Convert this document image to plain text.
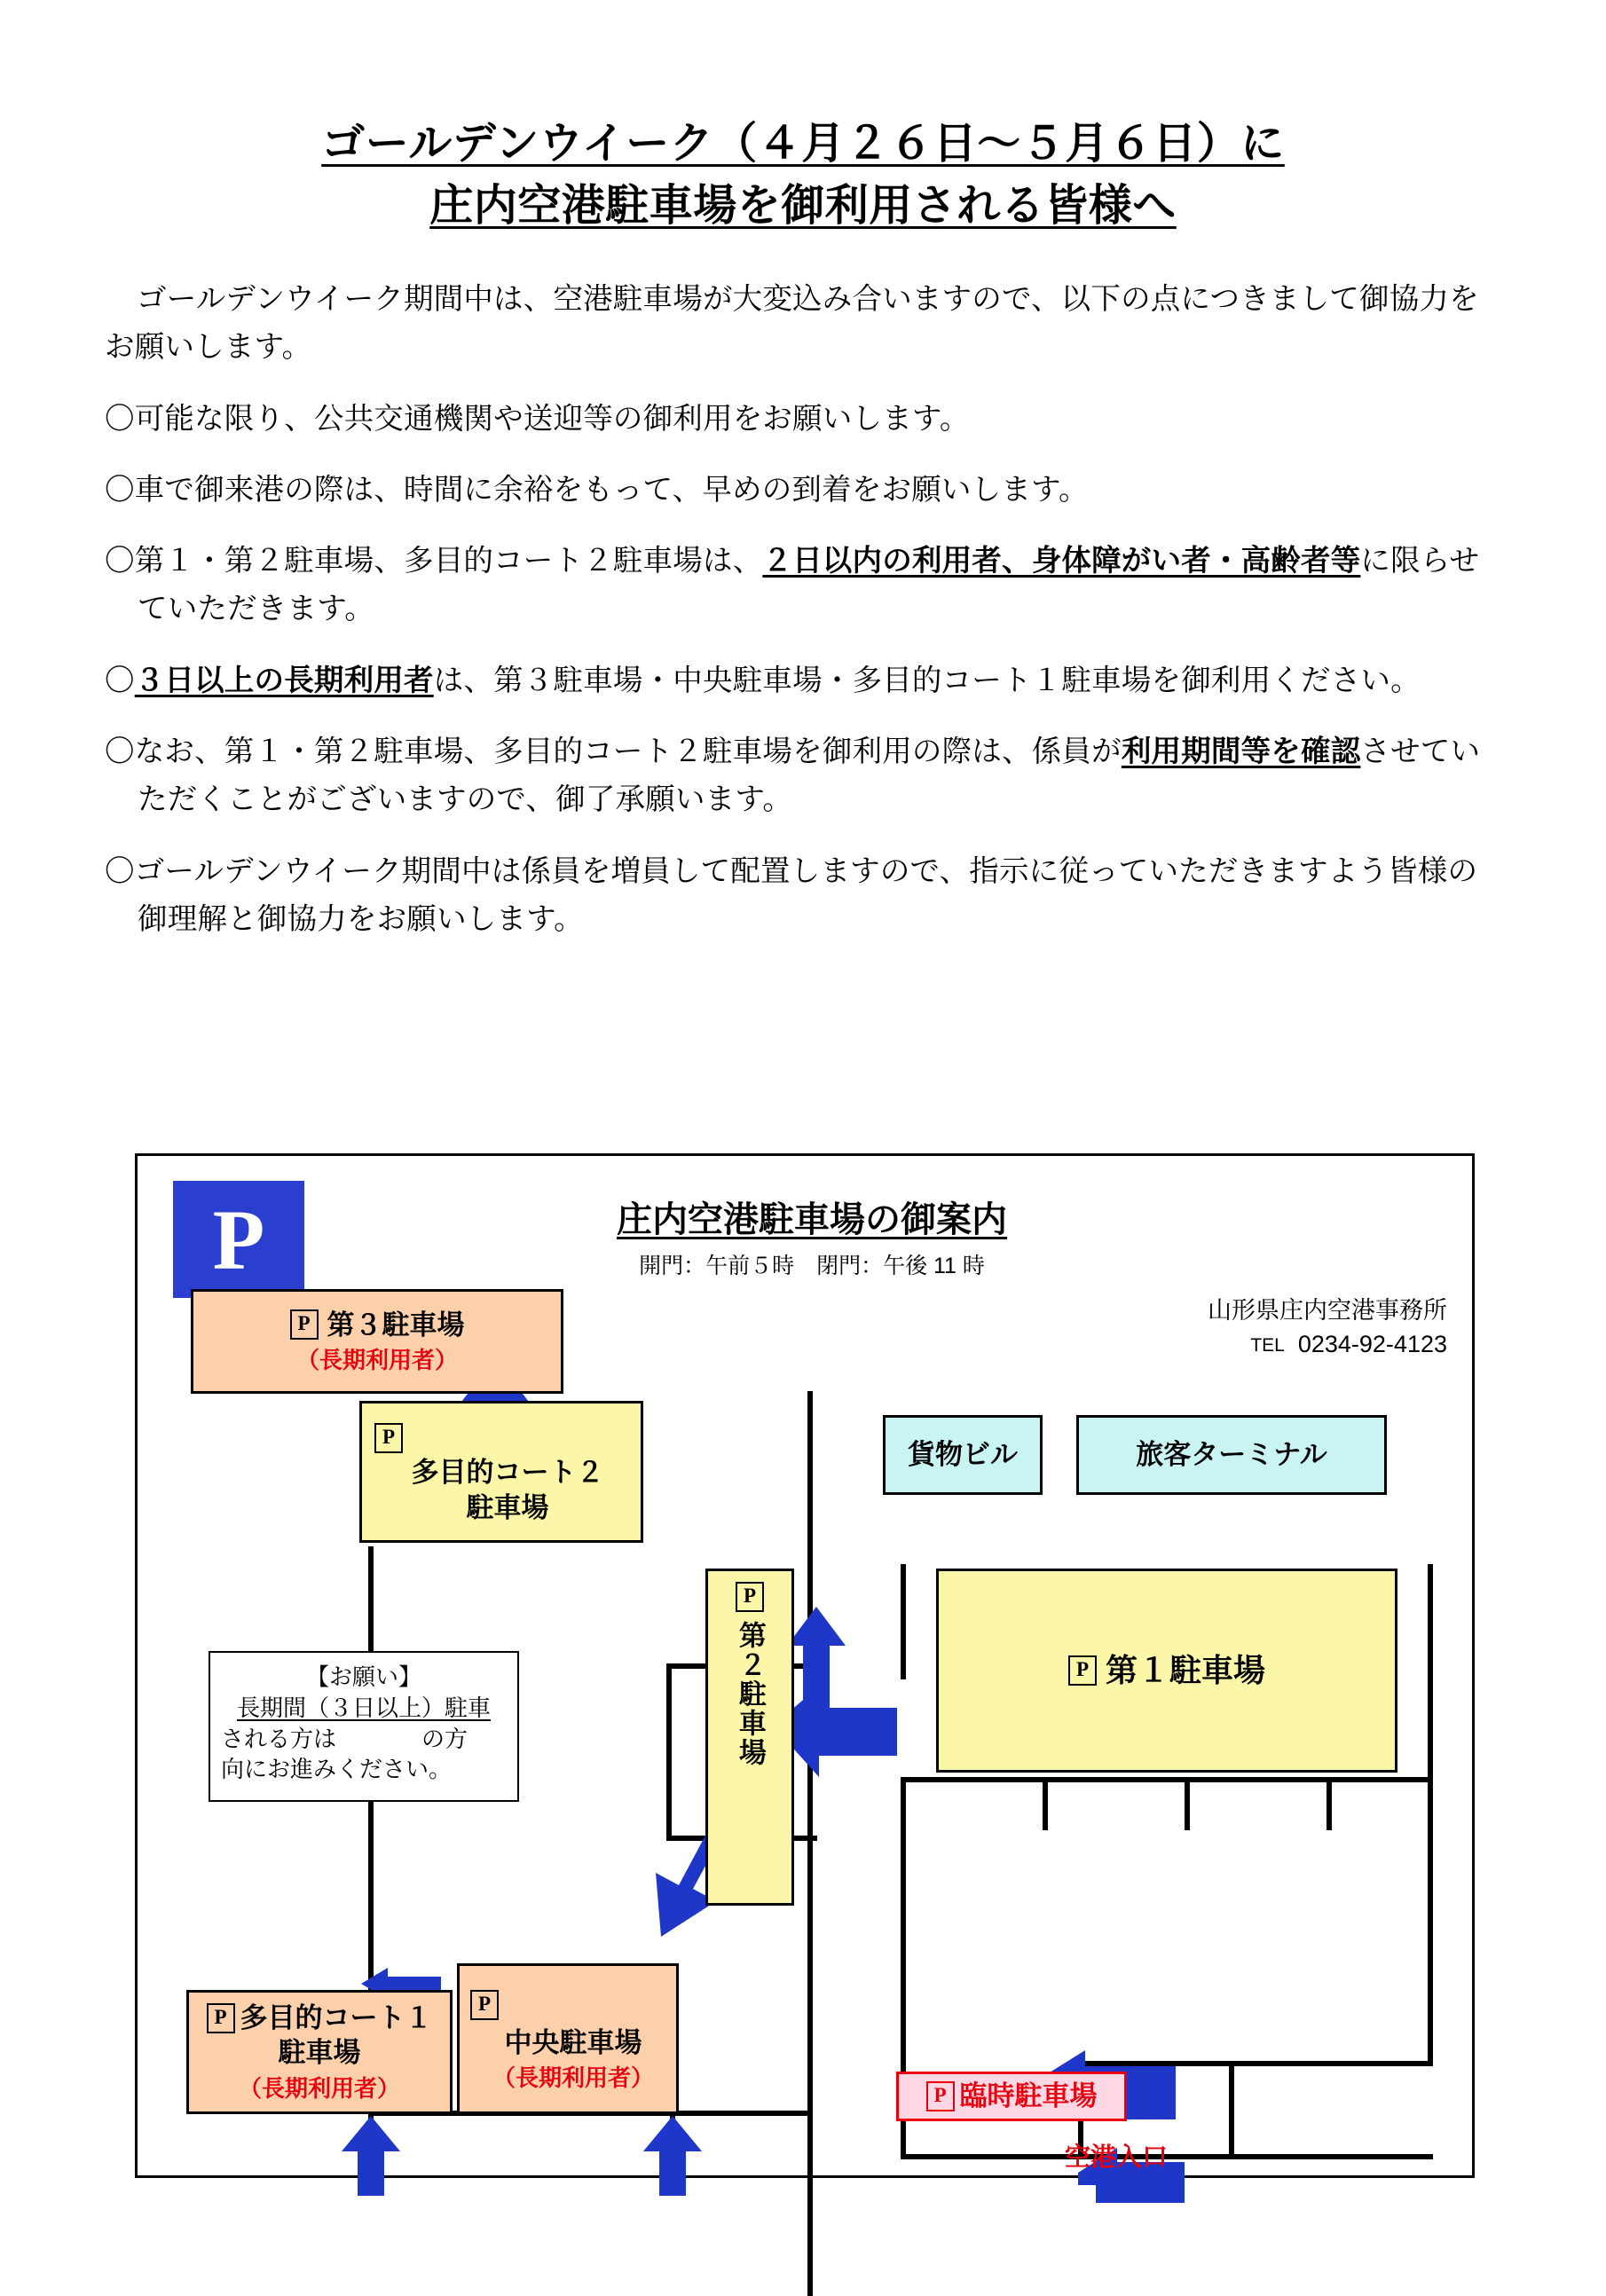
ゴールデンウイーク（４月２６日～５月６日）に
庄内空港駐車場を御利用される皆様へ
ゴールデンウイーク期間中は、空港駐車場が大変込み合いますので、以下の点につきまして御協力をお願いします。
〇可能な限り、公共交通機関や送迎等の御利用をお願いします。
〇車で御来港の際は、時間に余裕をもって、早めの到着をお願いします。
〇第１・第２駐車場、多目的コート２駐車場は、２日以内の利用者、身体障がい者・高齢者等に限らせていただきます。
〇３日以上の長期利用者は、第３駐車場・中央駐車場・多目的コート１駐車場を御利用ください。
〇なお、第１・第２駐車場、多目的コート２駐車場を御利用の際は、係員が利用期間等を確認させていただくことがございますので、御了承願います。
〇ゴールデンウイーク期間中は係員を増員して配置しますので、指示に従っていただきますよう皆様の御理解と御協力をお願いします。
P	庄内空港駐車場の御案内
開門：午前５時　閉門：午後 11 時
山形県庄内空港事務所
TEL 0234-92-4123
P 第３駐車場
（長期利用者）
P
多目的コート２
駐車場
貨物ビル	旅客ターミナル
P 第１駐車場
P
第２駐車場
P 多目的コート１
駐車場
（長期利用者）
P
中央駐車場
（長期利用者）
P 臨時駐車場
空港入口
【お願い】
長期間（３日以上）駐車
される方は	の方
向にお進みください。
